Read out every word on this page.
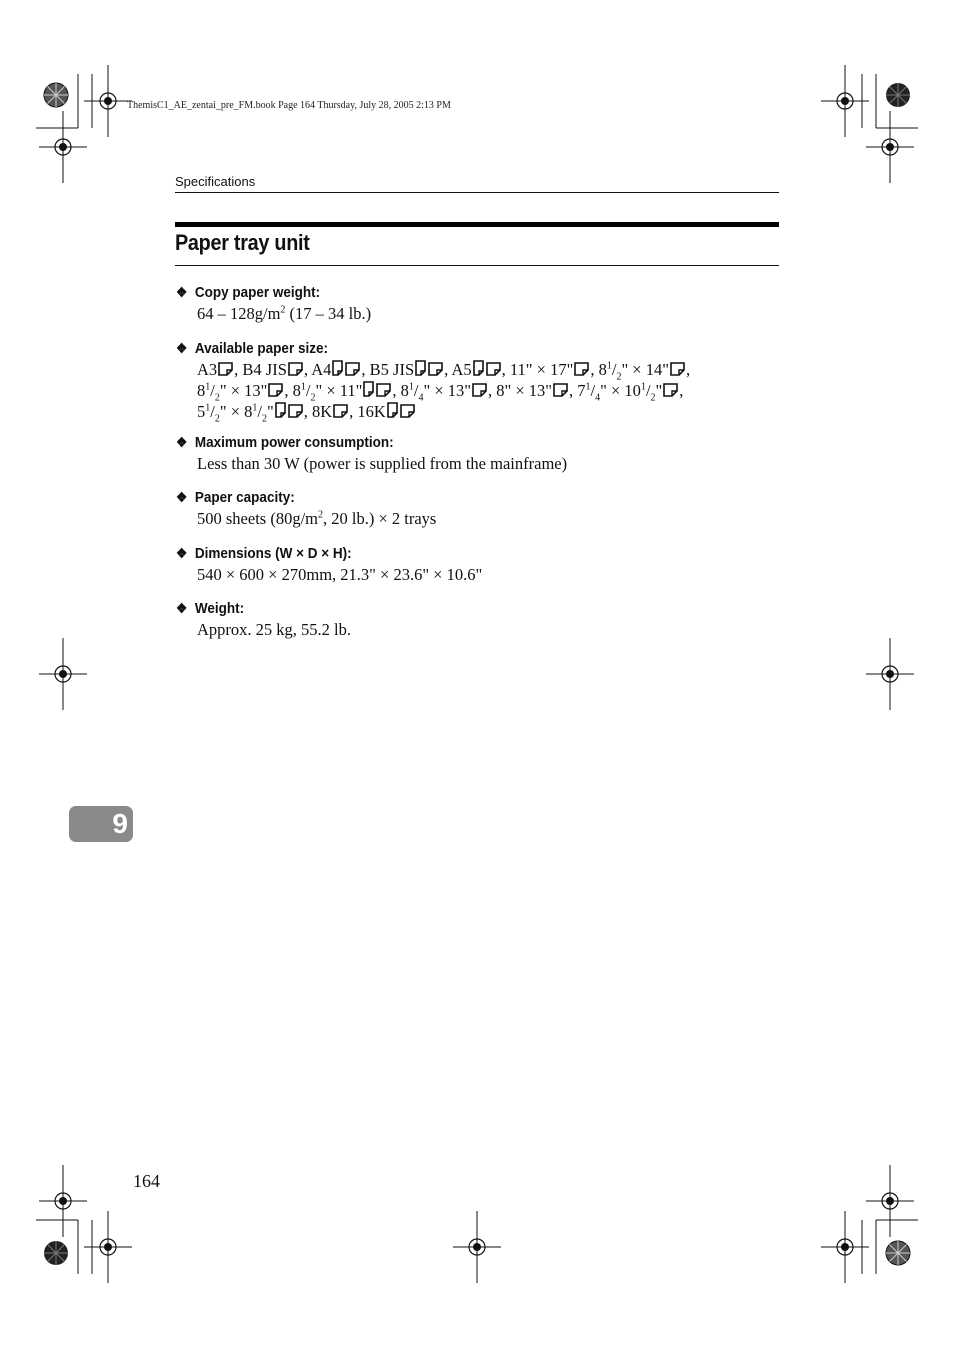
ThemisC1_AE_zentai_pre_FM.book Page 164 Thursday, July 28, 2005 2:13 PM
Specifications
Paper tray unit
❖ Copy paper weight:
$64 - 128g/m^2$ (17 – 34 lb.)
❖ Available paper size:
A3 , B4 JIS , A4 , B5 JIS , A5 , 11" × 17" , $8^1/_2$" × 14" ,
$8^1/_2$" × 13" , $8^1/_2$" × 11" , $8^1/_4$" × 13" , 8" × 13" , $7^1/_4$" × $10^1/_2$" ,
$5^1/_2$" × $8^1/_2$" , 8K , 16K
❖ Maximum power consumption:
Less than 30 W (power is supplied from the mainframe)
❖ Paper capacity:
500 sheets ($80g/m^2$, 20 lb.) × 2 trays
❖ Dimensions (W × D × H):
540 × 600 × 270mm, 21.3" × 23.6" × 10.6"
❖ Weight:
Approx. 25 kg, 55.2 lb.
9
164
